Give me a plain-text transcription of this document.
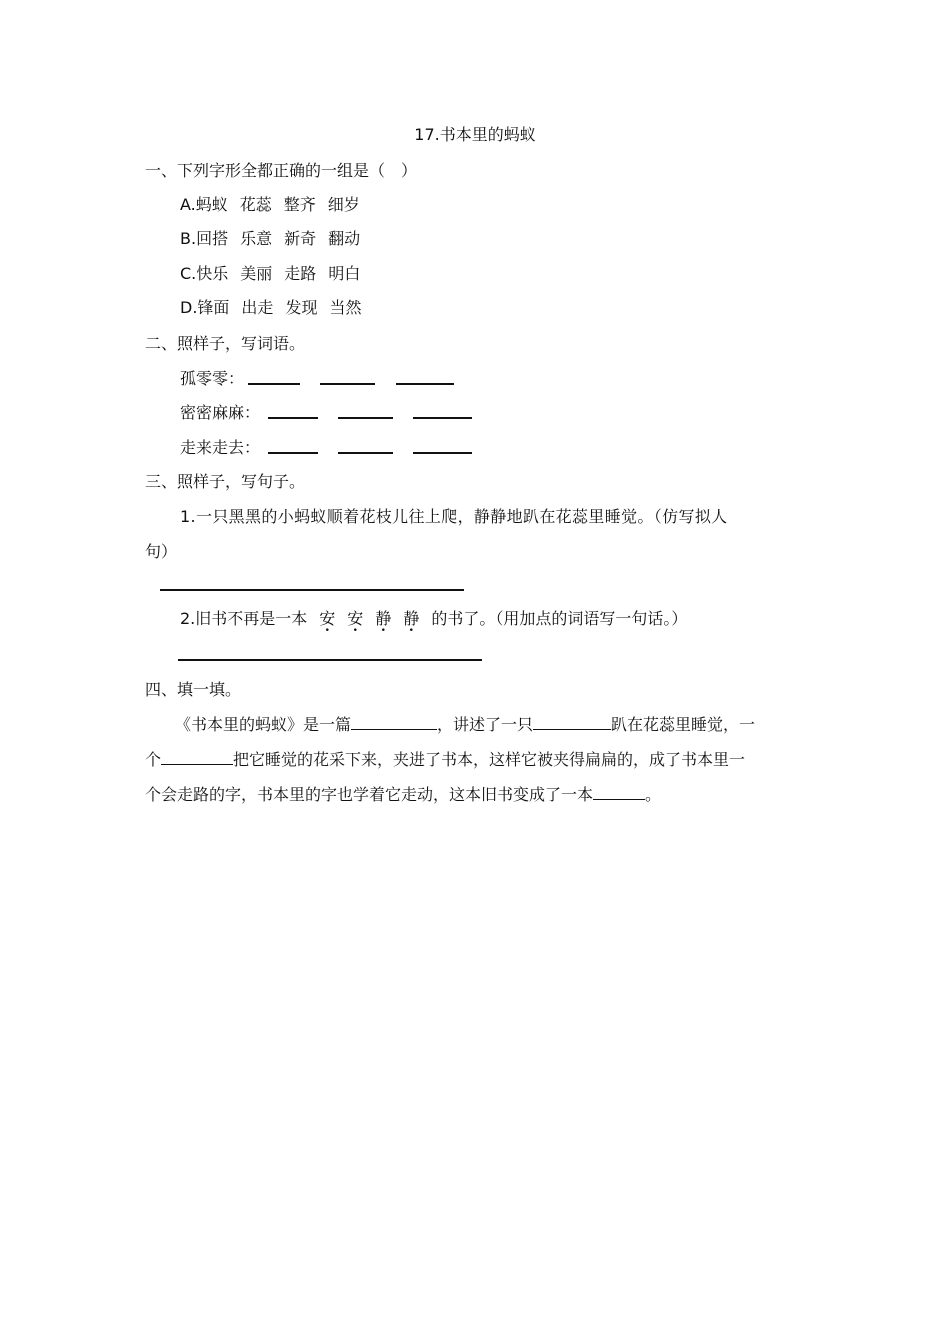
17.书本里的蚂蚁
一、下列字形全都正确的一组是（　）
A.蚂蚁 花蕊 整齐 细岁
B.回搭 乐意 新奇 翻动
C.快乐 美丽 走路 明白
D.锋面 出走 发现 当然
二、照样子，写词语。
孤零零：
密密麻麻：
走来走去：
三、照样子，写句子。
1.一只黑黑的小蚂蚁顺着花枝儿往上爬，静静地趴在花蕊里睡觉。（仿写拟人
句）
2.旧书不再是一本 安 安 静 静 的书了。（用加点的词语写一句话。）
四、填一填。
《书本里的蚂蚁》是一篇	，讲述了一只	趴在花蕊里睡觉，一
个	把它睡觉的花采下来，夹进了书本，这样它被夹得扁扁的，成了书本里一
个会走路的字，书本里的字也学着它走动，这本旧书变成了一本	。
